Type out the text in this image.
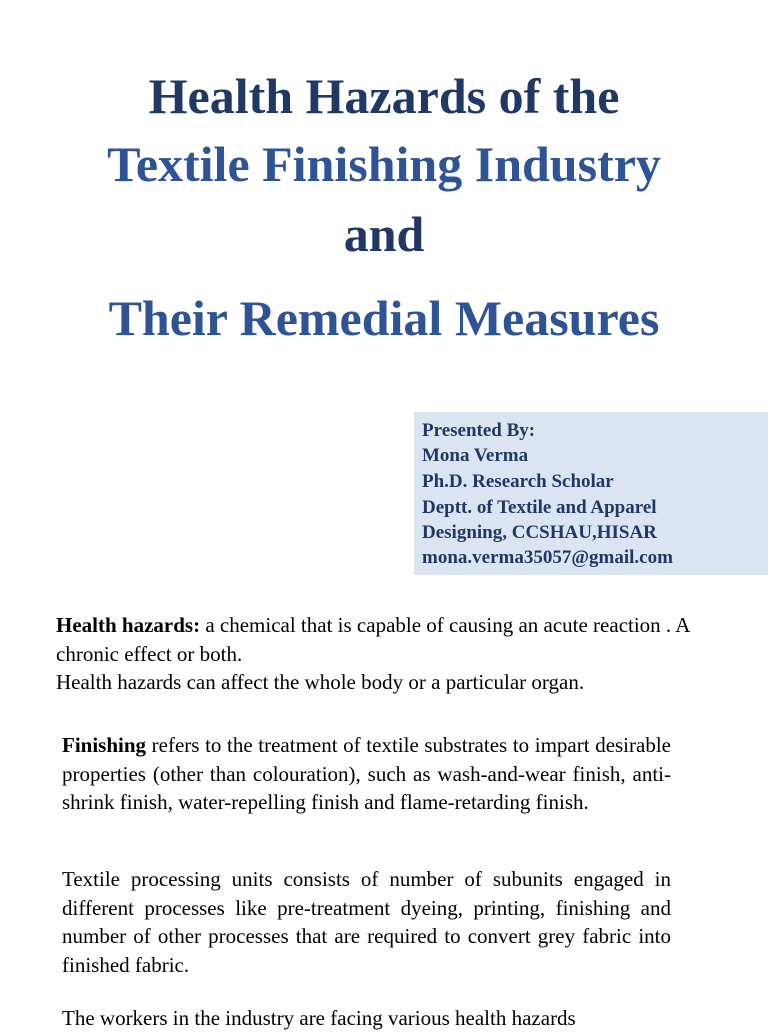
Health Hazards of the
Textile Finishing Industry
and
Their Remedial Measures
Presented By:
Mona Verma
Ph.D. Research Scholar
Deptt. of Textile and Apparel
Designing, CCSHAU,HISAR
mona.verma35057@gmail.com
Health hazards: a chemical that is capable of causing an acute reaction . A chronic effect or both.
Health hazards can affect the whole body or a particular organ.
Finishing refers to the treatment of textile substrates to impart desirable properties (other than colouration), such as wash-and-wear finish, anti-shrink finish, water-repelling finish and flame-retarding finish.
Textile processing units consists of number of subunits engaged in different processes like pre-treatment dyeing, printing, finishing and number of other processes that are required to convert grey fabric into finished fabric.
The workers in the industry are facing various health hazards
